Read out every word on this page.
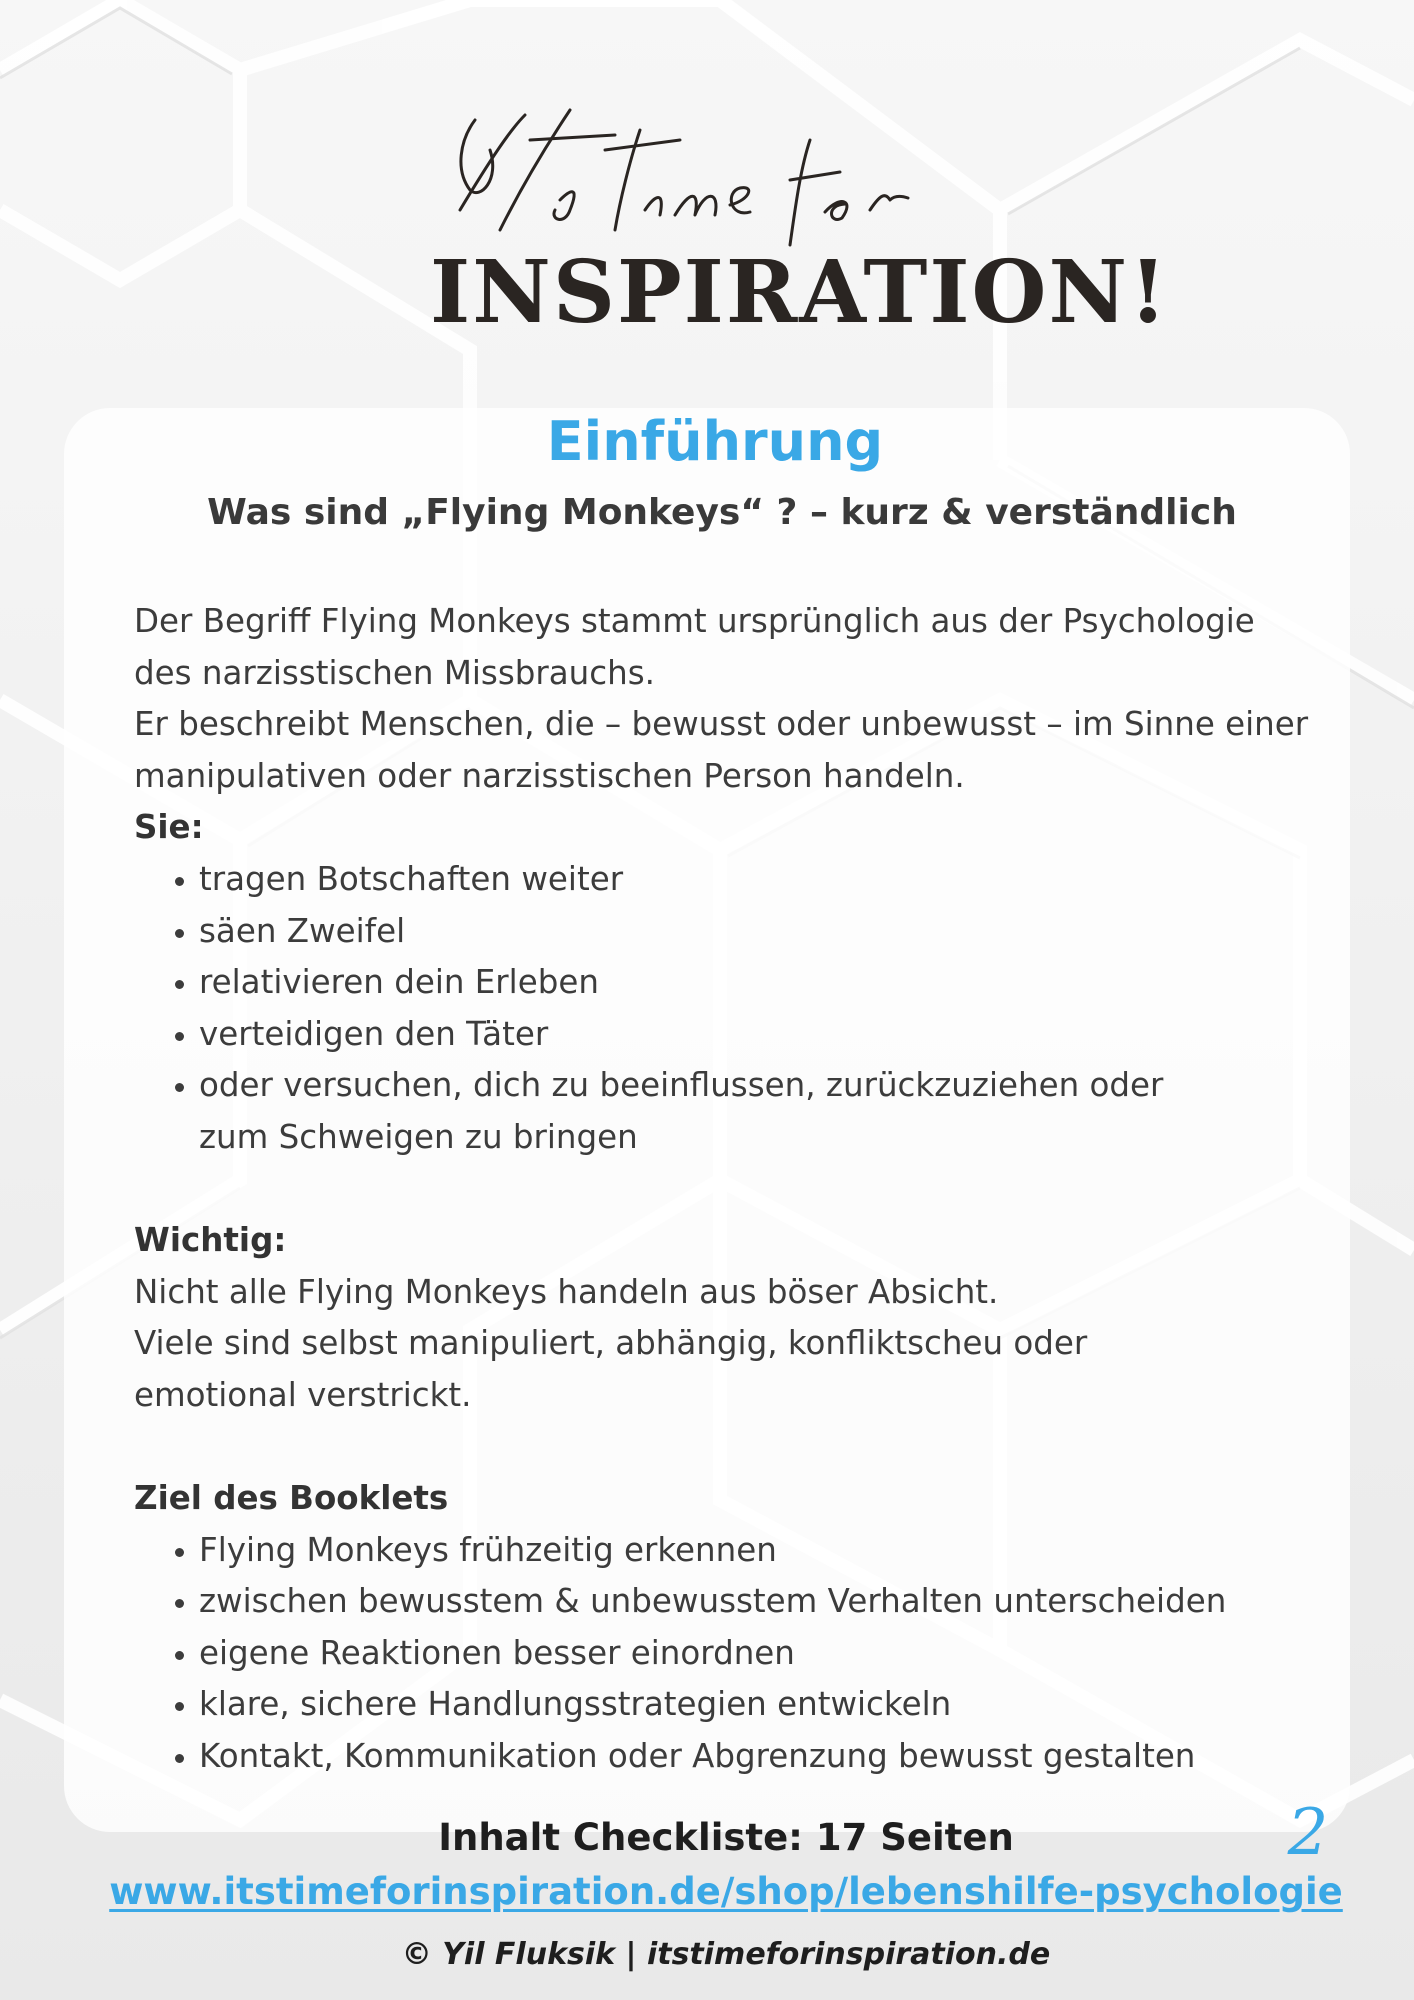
INSPIRATION!
Einführung
Was sind „Flying Monkeys“ ? – kurz & verständlich

Der Begriff Flying Monkeys stammt ursprünglich aus der Psychologie

des narzisstischen Missbrauchs.

Er beschreibt Menschen, die – bewusst oder unbewusst – im Sinne einer

manipulativen oder narzisstischen Person handeln.

Sie:

• tragen Botschaften weiter
• säen Zweifel
• relativieren dein Erleben
• verteidigen den Täter
• oder versuchen, dich zu beeinflussen, zurückzuziehen oder zum Schweigen zu bringen

Wichtig:

Nicht alle Flying Monkeys handeln aus böser Absicht.

Viele sind selbst manipuliert, abhängig, konfliktscheu oder emotional verstrickt.

Ziel des Booklets

• Flying Monkeys frühzeitig erkennen
• zwischen bewusstem & unbewusstem Verhalten unterscheiden
• eigene Reaktionen besser einordnen
• klare, sichere Handlungsstrategien entwickeln
• Kontakt, Kommunikation oder Abgrenzung bewusst gestalten
2
Inhalt Checkliste: 17 Seiten
www.itstimeforinspiration.de/shop/lebenshilfe-psychologie
© Yil Fluksik | itstimeforinspiration.de
